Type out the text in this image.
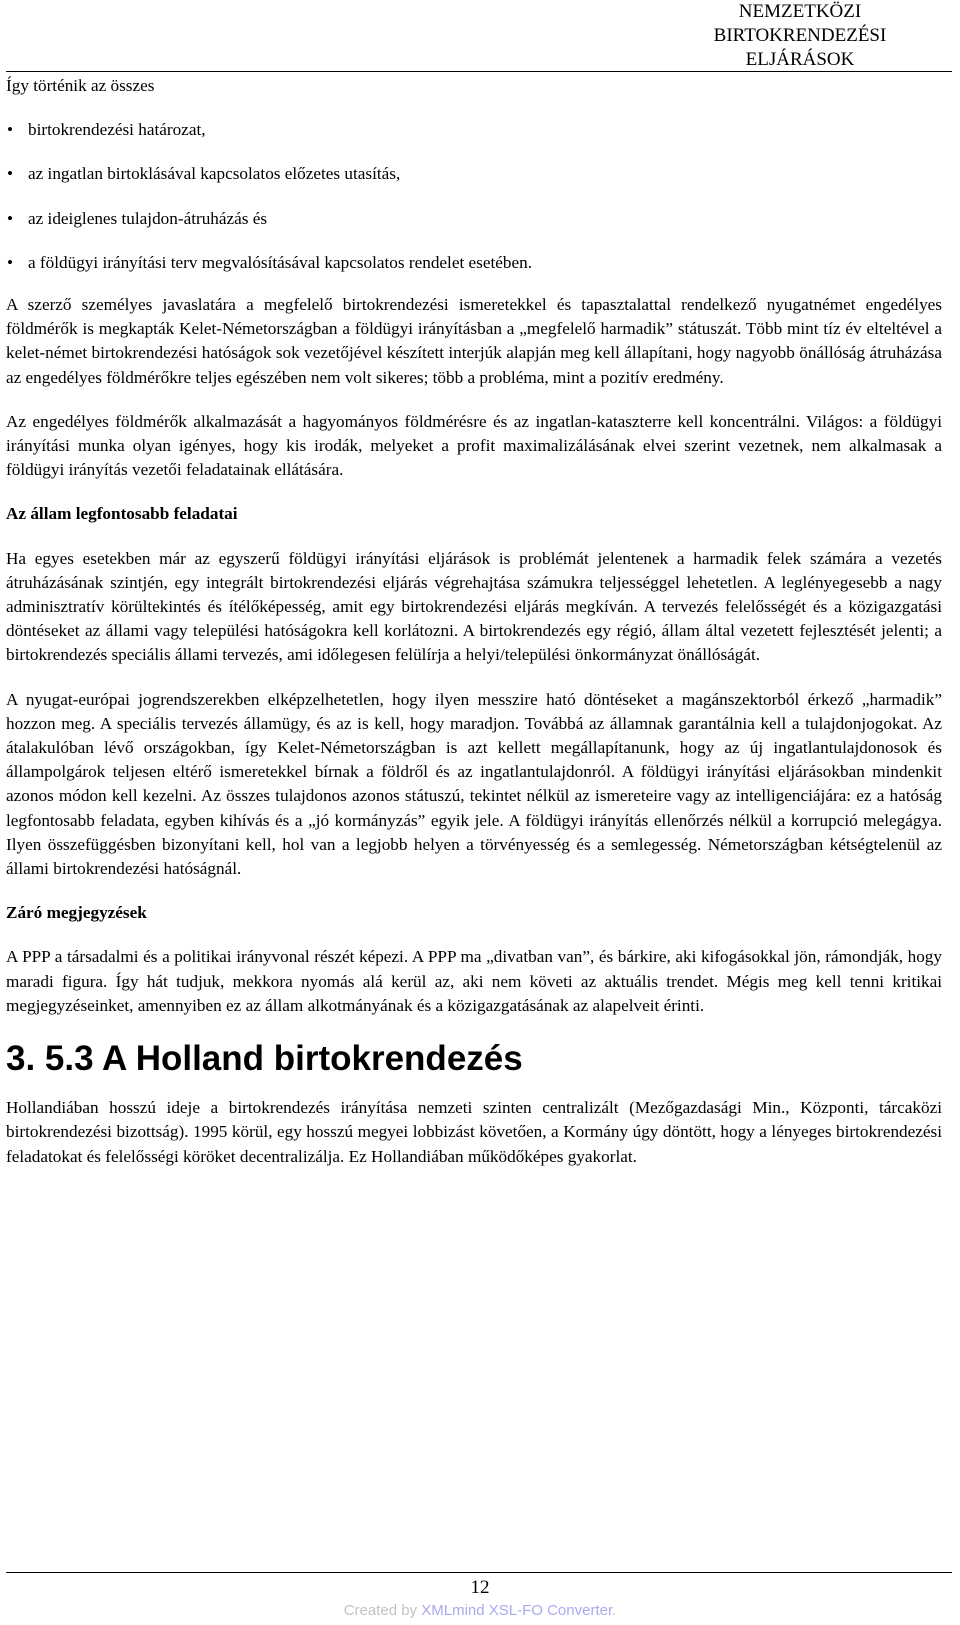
NEMZETKÖZI
BIRTOKRENDEZÉSI
ELJÁRÁSOK

Így történik az összes

• birtokrendezési határozat,
• az ingatlan birtoklásával kapcsolatos előzetes utasítás,
• az ideiglenes tulajdon-átruházás és
• a földügyi irányítási terv megvalósításával kapcsolatos rendelet esetében.

A szerző személyes javaslatára a megfelelő birtokrendezési ismeretekkel és tapasztalattal rendelkező nyugatnémet engedélyes földmérők is megkapták Kelet-Németországban a földügyi irányításban a „megfelelő harmadik” státuszát. Több mint tíz év elteltével a kelet-német birtokrendezési hatóságok sok vezetőjével készített interjúk alapján meg kell állapítani, hogy nagyobb önállóság átruházása az engedélyes földmérőkre teljes egészében nem volt sikeres; több a probléma, mint a pozitív eredmény.

Az engedélyes földmérők alkalmazását a hagyományos földmérésre és az ingatlan-kataszterre kell koncentrálni. Világos: a földügyi irányítási munka olyan igényes, hogy kis irodák, melyeket a profit maximalizálásának elvei szerint vezetnek, nem alkalmasak a földügyi irányítás vezetői feladatainak ellátására.

Az állam legfontosabb feladatai

Ha egyes esetekben már az egyszerű földügyi irányítási eljárások is problémát jelentenek a harmadik felek számára a vezetés átruházásának szintjén, egy integrált birtokrendezési eljárás végrehajtása számukra teljességgel lehetetlen. A leglényegesebb a nagy adminisztratív körültekintés és ítélőképesség, amit egy birtokrendezési eljárás megkíván. A tervezés felelősségét és a közigazgatási döntéseket az állami vagy települési hatóságokra kell korlátozni. A birtokrendezés egy régió, állam által vezetett fejlesztését jelenti; a birtokrendezés speciális állami tervezés, ami időlegesen felülírja a helyi/települési önkormányzat önállóságát.

A nyugat-európai jogrendszerekben elképzelhetetlen, hogy ilyen messzire ható döntéseket a magánszektorból érkező „harmadik” hozzon meg. A speciális tervezés államügy, és az is kell, hogy maradjon. Továbbá az államnak garantálnia kell a tulajdonjogokat. Az átalakulóban lévő országokban, így Kelet-Németországban is azt kellett megállapítanunk, hogy az új ingatlantulajdonosok és állampolgárok teljesen eltérő ismeretekkel bírnak a földről és az ingatlantulajdonról. A földügyi irányítási eljárásokban mindenkit azonos módon kell kezelni. Az összes tulajdonos azonos státuszú, tekintet nélkül az ismereteire vagy az intelligenciájára: ez a hatóság legfontosabb feladata, egyben kihívás és a „jó kormányzás” egyik jele. A földügyi irányítás ellenőrzés nélkül a korrupció melegágya. Ilyen összefüggésben bizonyítani kell, hol van a legjobb helyen a törvényesség és a semlegesség. Németországban kétségtelenül az állami birtokrendezési hatóságnál.

Záró megjegyzések

A PPP a társadalmi és a politikai irányvonal részét képezi. A PPP ma „divatban van”, és bárkire, aki kifogásokkal jön, rámondják, hogy maradi figura. Így hát tudjuk, mekkora nyomás alá kerül az, aki nem követi az aktuális trendet. Mégis meg kell tenni kritikai megjegyzéseinket, amennyiben ez az állam alkotmányának és a közigazgatásának az alapelveit érinti.

3. 5.3 A Holland birtokrendezés

Hollandiában hosszú ideje a birtokrendezés irányítása nemzeti szinten centralizált (Mezőgazdasági Min., Központi, tárcaközi birtokrendezési bizottság). 1995 körül, egy hosszú megyei lobbizást követően, a Kormány úgy döntött, hogy a lényeges birtokrendezési feladatokat és felelősségi köröket decentralizálja. Ez Hollandiában működőképes gyakorlat.

12
Created by XMLmind XSL-FO Converter.
